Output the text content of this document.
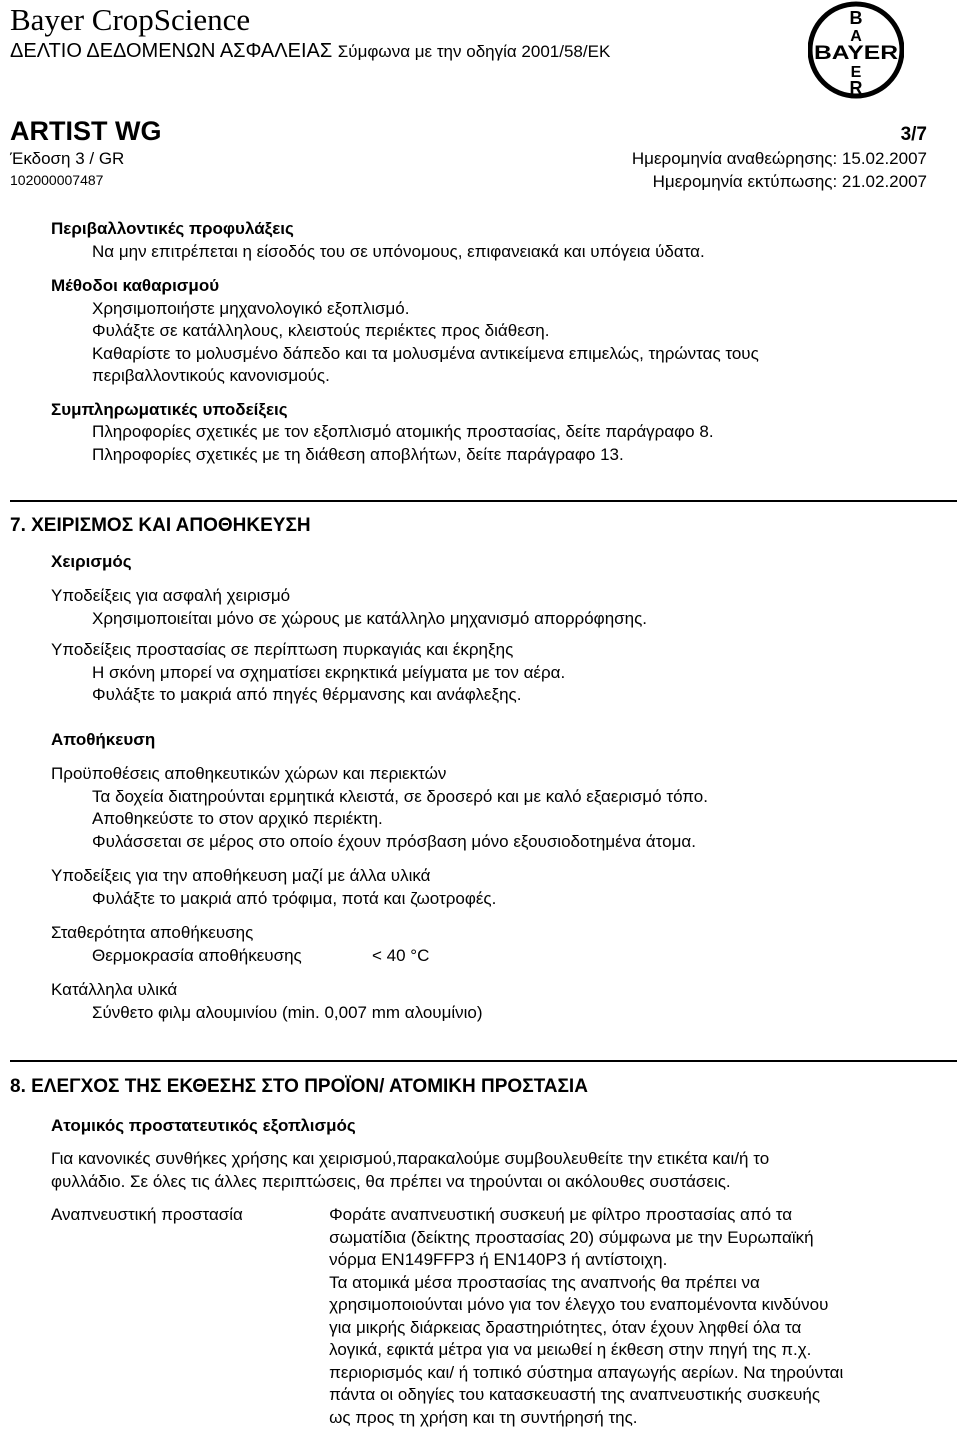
Bayer CropScience
ΔΕΛΤΙΟ ΔΕΔΟΜΕΝΩΝ ΑΣΦΑΛΕΙΑΣ Σύμφωνα με την οδηγία 2001/58/ΕΚ
B
A
BAYER
E
R
ARTIST WG	3/7
Έκδοση 3 / GR
102000007487
Ημερομηνία αναθεώρησης: 15.02.2007
Ημερομηνία εκτύπωσης: 21.02.2007
Περιβαλλοντικές προφυλάξεις
Να μην επιτρέπεται η είσοδός του σε υπόνομους, επιφανειακά και υπόγεια ύδατα.
Μέθοδοι καθαρισμού
Χρησιμοποιήστε μηχανολογικό εξοπλισμό.
Φυλάξτε σε κατάλληλους, κλειστούς περιέκτες προς διάθεση.
Καθαρίστε το μολυσμένο δάπεδο και τα μολυσμένα αντικείμενα επιμελώς, τηρώντας τους
περιβαλλοντικούς κανονισμούς.
Συμπληρωματικές υποδείξεις
Πληροφορίες σχετικές με τον εξοπλισμό ατομικής προστασίας, δείτε παράγραφο 8.
Πληροφορίες σχετικές με τη διάθεση αποβλήτων, δείτε παράγραφο 13.
7. ΧΕΙΡΙΣΜΟΣ ΚΑΙ ΑΠΟΘΗΚΕΥΣΗ
Χειρισμός
Υποδείξεις για ασφαλή χειρισμό
Χρησιμοποιείται μόνο σε χώρους με κατάλληλο μηχανισμό απορρόφησης.
Υποδείξεις προστασίας σε περίπτωση πυρκαγιάς και έκρηξης
Η σκόνη μπορεί να σχηματίσει εκρηκτικά μείγματα με τον αέρα.
Φυλάξτε το μακριά από πηγές θέρμανσης και ανάφλεξης.
Αποθήκευση
Προϋποθέσεις αποθηκευτικών χώρων και περιεκτών
Τα δοχεία διατηρούνται ερμητικά κλειστά, σε δροσερό και με καλό εξαερισμό τόπο.
Αποθηκεύστε το στον αρχικό περιέκτη.
Φυλάσσεται σε μέρος στο οποίο έχουν πρόσβαση μόνο εξουσιοδοτημένα άτομα.
Υποδείξεις για την αποθήκευση μαζί με άλλα υλικά
Φυλάξτε το μακριά από τρόφιμα, ποτά και ζωοτροφές.
Σταθερότητα αποθήκευσης
Θερμοκρασία αποθήκευσης	< 40 °C
Κατάλληλα υλικά
Σύνθετο φιλμ αλουμινίου (min. 0,007 mm αλουμίνιο)
8. ΕΛΕΓΧΟΣ ΤΗΣ ΕΚΘΕΣΗΣ ΣΤΟ ΠΡΟΪΟΝ/ ΑΤΟΜΙΚΗ ΠΡΟΣΤΑΣΙΑ
Ατομικός προστατευτικός εξοπλισμός
Για κανονικές συνθήκες χρήσης και χειρισμού,παρακαλούμε συμβουλευθείτε την ετικέτα και/ή το
φυλλάδιο. Σε όλες τις άλλες περιπτώσεις, θα πρέπει να τηρούνται οι ακόλουθες συστάσεις.
Αναπνευστική προστασία	Φοράτε αναπνευστική συσκευή με φίλτρο προστασίας από τα
σωματίδια (δείκτης προστασίας 20) σύμφωνα με την Ευρωπαϊκή
νόρμα EN149FFP3 ή EN140P3 ή αντίστοιχη.
Τα ατομικά μέσα προστασίας της αναπνοής θα πρέπει να
χρησιμοποιούνται μόνο για τον έλεγχο του εναπομένοντα κινδύνου
για μικρής διάρκειας δραστηριότητες, όταν έχουν ληφθεί όλα τα
λογικά, εφικτά μέτρα για να μειωθεί η έκθεση στην πηγή της π.χ.
περιορισμός και/ ή τοπικό σύστημα απαγωγής αερίων. Να τηρούνται
πάντα οι οδηγίες του κατασκευαστή της αναπνευστικής συσκευής
ως προς τη χρήση και τη συντήρησή της.
